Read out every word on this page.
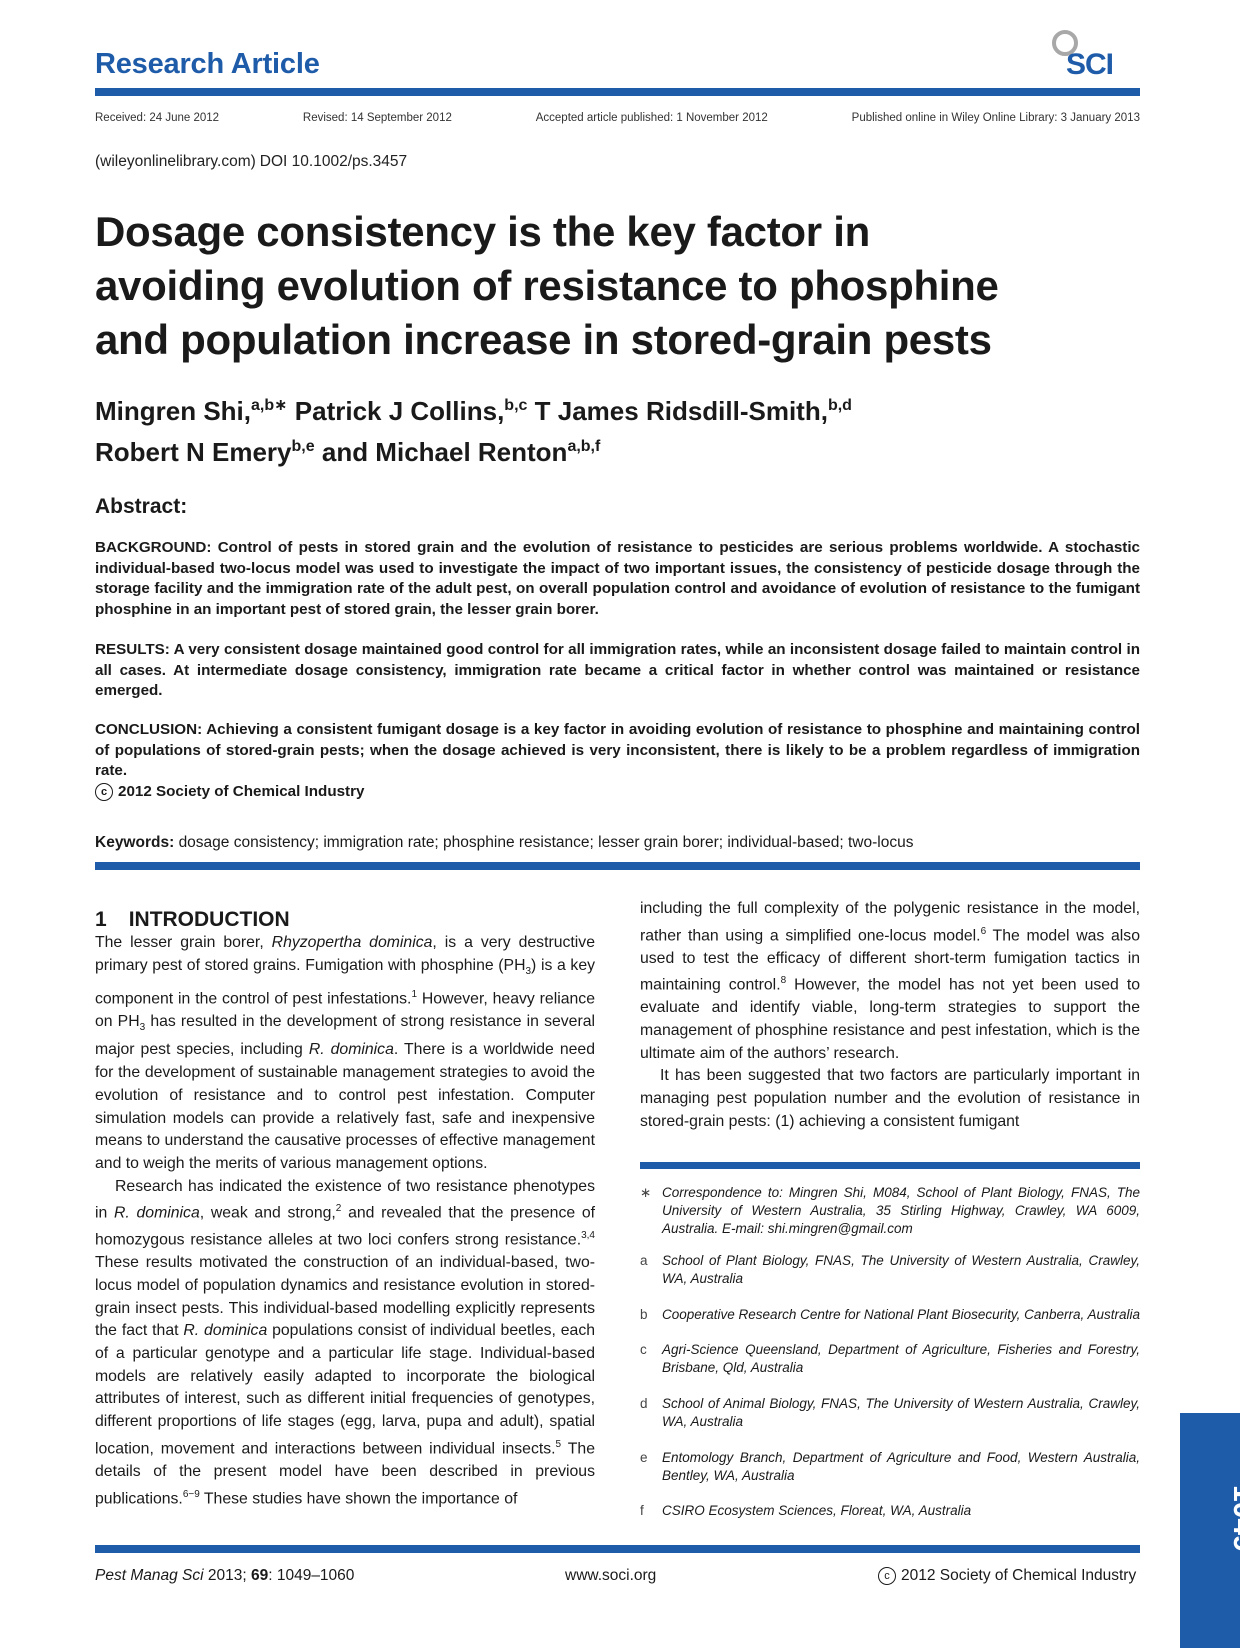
Research Article	SCI
Received: 24 June 2012	Revised: 14 September 2012	Accepted article published: 1 November 2012	Published online in Wiley Online Library: 3 January 2013
(wileyonlinelibrary.com) DOI 10.1002/ps.3457
Dosage consistency is the key factor in
avoiding evolution of resistance to phosphine
and population increase in stored-grain pests
Mingren Shi,$^{a,b∗}$ Patrick J Collins,$^{b,c}$ T James Ridsdill-Smith,$^{b,d}$
Robert N Emery$^{b,e}$ and Michael Renton$^{a,b,f}$
Abstract:

BACKGROUND: Control of pests in stored grain and the evolution of resistance to pesticides are serious problems worldwide. A stochastic individual-based two-locus model was used to investigate the impact of two important issues, the consistency of pesticide dosage through the storage facility and the immigration rate of the adult pest, on overall population control and avoidance of evolution of resistance to the fumigant phosphine in an important pest of stored grain, the lesser grain borer.

RESULTS: A very consistent dosage maintained good control for all immigration rates, while an inconsistent dosage failed to maintain control in all cases. At intermediate dosage consistency, immigration rate became a critical factor in whether control was maintained or resistance emerged.

CONCLUSION: Achieving a consistent fumigant dosage is a key factor in avoiding evolution of resistance to phosphine and maintaining control of populations of stored-grain pests; when the dosage achieved is very inconsistent, there is likely to be a problem regardless of immigration rate.
c 2012 Society of Chemical Industry

Keywords: dosage consistency; immigration rate; phosphine resistance; lesser grain borer; individual-based; two-locus
1 INTRODUCTION

The lesser grain borer, Rhyzopertha dominica, is a very destructive primary pest of stored grains. Fumigation with phosphine $(PH_3)$ is a key component in the control of pest infestations.$^1$ However, heavy reliance on $PH_3$ has resulted in the development of strong resistance in several major pest species, including R. dominica. There is a worldwide need for the development of sustainable management strategies to avoid the evolution of resistance and to control pest infestation. Computer simulation models can provide a relatively fast, safe and inexpensive means to understand the causative processes of effective management and to weigh the merits of various management options.

Research has indicated the existence of two resistance phenotypes in R. dominica, weak and strong,$^2$ and revealed that the presence of homozygous resistance alleles at two loci confers strong resistance.$^{3,4}$ These results motivated the construction of an individual-based, two-locus model of population dynamics and resistance evolution in stored-grain insect pests. This individual-based modelling explicitly represents the fact that R. dominica populations consist of individual beetles, each of a particular genotype and a particular life stage. Individual-based models are relatively easily adapted to incorporate the biological attributes of interest, such as different initial frequencies of genotypes, different proportions of life stages (egg, larva, pupa and adult), spatial location, movement and interactions between individual insects.$^5$ The details of the present model have been described in previous publications.$^{6-9}$ These studies have shown the importance of

including the full complexity of the polygenic resistance in the model, rather than using a simplified one-locus model.$^6$ The model was also used to test the efficacy of different short-term fumigation tactics in maintaining control.$^8$ However, the model has not yet been used to evaluate and identify viable, long-term strategies to support the management of phosphine resistance and pest infestation, which is the ultimate aim of the authors’ research.

It has been suggested that two factors are particularly important in managing pest population number and the evolution of resistance in stored-grain pests: (1) achieving a consistent fumigant

∗ Correspondence to: Mingren Shi, M084, School of Plant Biology, FNAS, The University of Western Australia, 35 Stirling Highway, Crawley, WA 6009, Australia. E-mail: shi.mingren@gmail.com
a	School of Plant Biology, FNAS, The University of Western Australia, Crawley, WA, Australia
b	Cooperative Research Centre for National Plant Biosecurity, Canberra, Australia
c	Agri-Science Queensland, Department of Agriculture, Fisheries and Forestry, Brisbane, Qld, Australia
d	School of Animal Biology, FNAS, The University of Western Australia, Crawley, WA, Australia
e	Entomology Branch, Department of Agriculture and Food, Western Australia, Bentley, WA, Australia
f	CSIRO Ecosystem Sciences, Floreat, WA, Australia	1049
Pest Manag Sci 2013; 69: 1049–1060	www.soci.org	c 2012 Society of Chemical Industry
